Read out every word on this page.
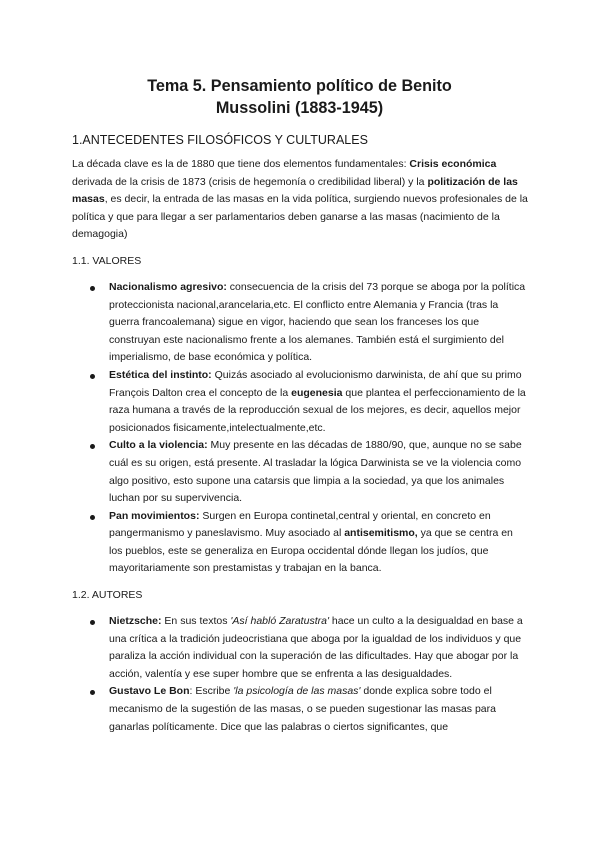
Tema 5. Pensamiento político de Benito
Mussolini (1883-1945)
1.ANTECEDENTES FILOSÓFICOS Y CULTURALES

La década clave es la de 1880 que tiene dos elementos fundamentales: Crisis económica derivada de la crisis de 1873 (crisis de hegemonía o credibilidad liberal) y la politización de las masas, es decir, la entrada de las masas en la vida política, surgiendo nuevos profesionales de la política y que para llegar a ser parlamentarios deben ganarse a las masas (nacimiento de la demagogia)

1.1. VALORES
Nacionalismo agresivo: consecuencia de la crisis del 73 porque se aboga por la política proteccionista nacional,arancelaria,etc. El conflicto entre Alemania y Francia (tras la guerra francoalemana) sigue en vigor, haciendo que sean los franceses los que construyan este nacionalismo frente a los alemanes. También está el surgimiento del imperialismo, de base económica y política.
Estética del instinto: Quizás asociado al evolucionismo darwinista, de ahí que su primo François Dalton crea el concepto de la eugenesia que plantea el perfeccionamiento de la raza humana a través de la reproducción sexual de los mejores, es decir, aquellos mejor posicionados fisicamente,intelectualmente,etc.
Culto a la violencia: Muy presente en las décadas de 1880/90, que, aunque no se sabe cuál es su origen, está presente. Al trasladar la lógica Darwinista se ve la violencia como algo positivo, esto supone una catarsis que limpia a la sociedad, ya que los animales luchan por su supervivencia.
Pan movimientos: Surgen en Europa continetal,central y oriental, en concreto en pangermanismo y paneslavismo. Muy asociado al antisemitismo, ya que se centra en los pueblos, este se generaliza en Europa occidental dónde llegan los judíos, que mayoritariamente son prestamistas y trabajan en la banca.
1.2. AUTORES
Nietzsche: En sus textos 'Así habló Zaratustra' hace un culto a la desigualdad en base a una crítica a la tradición judeocristiana que aboga por la igualdad de los individuos y que paraliza la acción individual con la superación de las dificultades. Hay que abogar por la acción, valentía y ese super hombre que se enfrenta a las desigualdades.
Gustavo Le Bon: Escribe 'la psicología de las masas' donde explica sobre todo el mecanismo de la sugestión de las masas, o se pueden sugestionar las masas para ganarlas políticamente. Dice que las palabras o ciertos significantes, que
